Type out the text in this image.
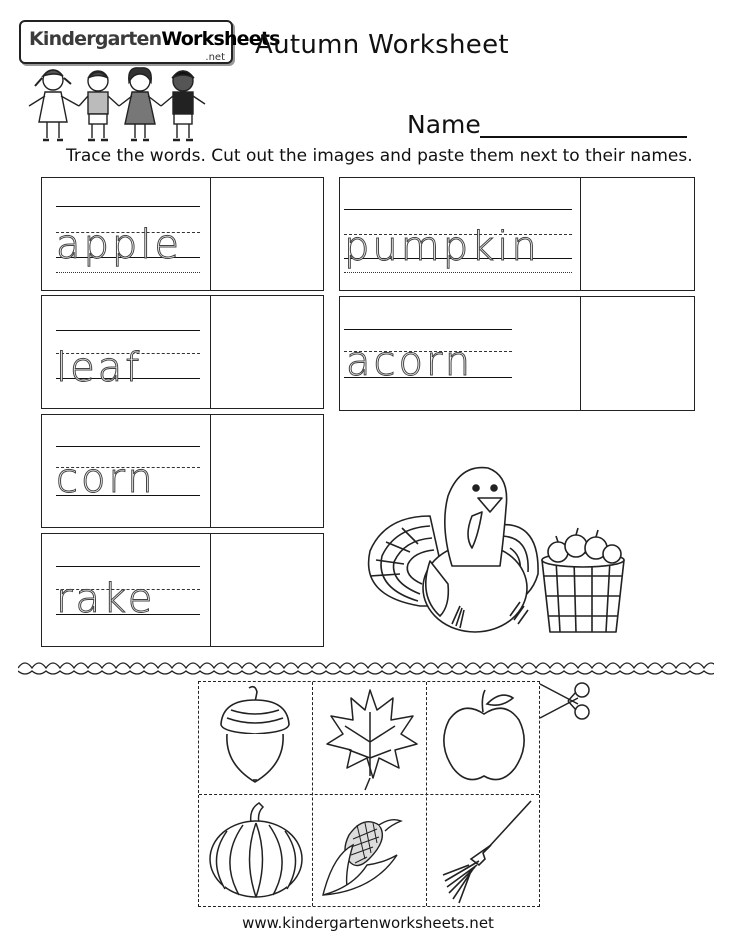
KindergartenWorksheets
.net Autumn Worksheet
Name
Trace the words. Cut out the images and paste them next to their names.
apple	pumpkin
leaf	acorn
corn
rake
www.kindergartenworksheets.net
